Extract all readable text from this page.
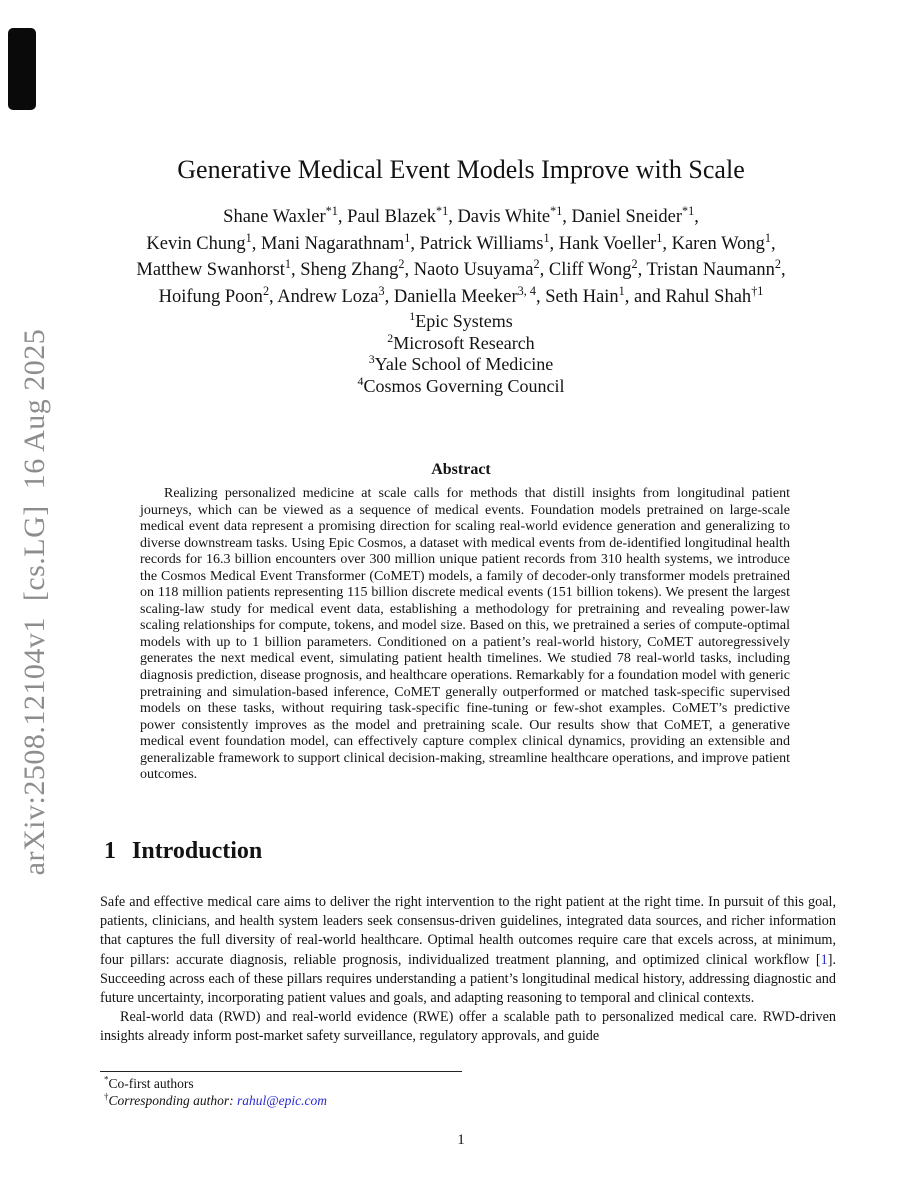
arXiv:2508.12104v1  [cs.LG]  16 Aug 2025
Generative Medical Event Models Improve with Scale
Shane Waxler$^{*1}$, Paul Blazek$^{*1}$, Davis White$^{*1}$, Daniel Sneider$^{*1}$,
Kevin Chung$^1$, Mani Nagarathnam$^1$, Patrick Williams$^1$, Hank Voeller$^1$, Karen Wong$^1$,
Matthew Swanhorst$^1$, Sheng Zhang$^2$, Naoto Usuyama$^2$, Cliff Wong$^2$, Tristan Naumann$^2$,
Hoifung Poon$^2$, Andrew Loza$^3$, Daniella Meeker$^{3, 4}$, Seth Hain$^1$, and Rahul Shah$^{\dagger 1}$
$^1$Epic Systems
$^2$Microsoft Research
$^3$Yale School of Medicine
$^4$Cosmos Governing Council
Abstract

Realizing personalized medicine at scale calls for methods that distill insights from longitudinal patient journeys, which can be viewed as a sequence of medical events. Foundation models pretrained on large-scale medical event data represent a promising direction for scaling real-world evidence generation and generalizing to diverse downstream tasks. Using Epic Cosmos, a dataset with medical events from de-identified longitudinal health records for 16.3 billion encounters over 300 million unique patient records from 310 health systems, we introduce the Cosmos Medical Event Transformer (CoMET) models, a family of decoder-only transformer models pretrained on 118 million patients representing 115 billion discrete medical events (151 billion tokens). We present the largest scaling-law study for medical event data, establishing a methodology for pretraining and revealing power-law scaling relationships for compute, tokens, and model size. Based on this, we pretrained a series of compute-optimal models with up to 1 billion parameters. Conditioned on a patient’s real-world history, CoMET autoregressively generates the next medical event, simulating patient health timelines. We studied 78 real-world tasks, including diagnosis prediction, disease prognosis, and healthcare operations. Remarkably for a foundation model with generic pretraining and simulation-based inference, CoMET generally outperformed or matched task-specific supervised models on these tasks, without requiring task-specific fine-tuning or few-shot examples. CoMET’s predictive power consistently improves as the model and pretraining scale. Our results show that CoMET, a generative medical event foundation model, can effectively capture complex clinical dynamics, providing an extensible and generalizable framework to support clinical decision-making, streamline healthcare operations, and improve patient outcomes.

1 Introduction

Safe and effective medical care aims to deliver the right intervention to the right patient at the right time. In pursuit of this goal, patients, clinicians, and health system leaders seek consensus-driven guidelines, integrated data sources, and richer information that captures the full diversity of real-world healthcare. Optimal health outcomes require care that excels across, at minimum, four pillars: accurate diagnosis, reliable prognosis, individualized treatment planning, and optimized clinical workflow [1]. Succeeding across each of these pillars requires understanding a patient’s longitudinal medical history, addressing diagnostic and future uncertainty, incorporating patient values and goals, and adapting reasoning to temporal and clinical contexts.

Real-world data (RWD) and real-world evidence (RWE) offer a scalable path to personalized medical care. RWD-driven insights already inform post-market safety surveillance, regulatory approvals, and guide

*Co-first authors
†Corresponding author: rahul@epic.com
1
